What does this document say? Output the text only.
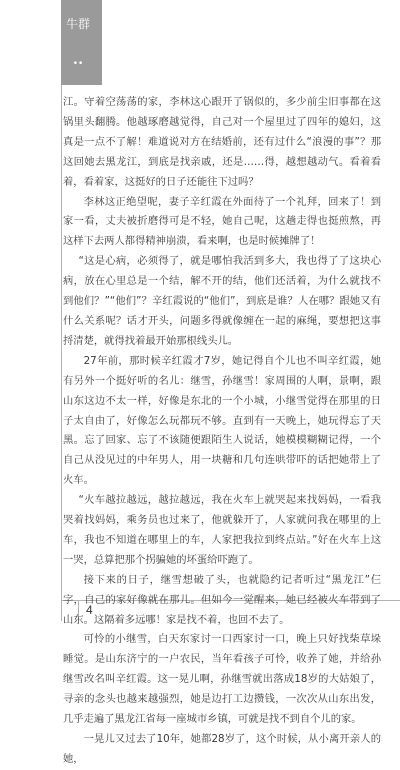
牛群
••

江。守着空荡荡的家，李林这心跟开了锅似的，多少前尘旧事都在这锅里头翻腾。他越琢磨越觉得，自己对一个屋里过了四年的媳妇，这真是一点不了解！难道说对方在结婚前，还有过什么“浪漫的事”？那这回她去黑龙江，到底是找亲戚，还是……得，越想越动气。看着看着，看着家，这挺好的日子还能往下过吗？

李林这正绝望呢，妻子辛红霞在外面待了一个礼拜，回来了！到家一看，丈夫被折磨得可是不轻，她自己呢，这趟走得也挺煎熬，再这样下去两人都得精神崩溃，看来啊，也是时候摊牌了！

“这是心病，必须得了，就是哪怕我活到多大，我也得了了这块心病，放在心里总是一个结，解不开的结，他们还活着，为什么就找不到他们？”“他们”？辛红霞说的“他们”，到底是谁？人在哪？跟她又有什么关系呢？话才开头，问题多得就像缠在一起的麻绳，要想把这事捋清楚，就得找着最开始那根线头儿。

27年前，那时候辛红霞才7岁，她记得自个儿也不叫辛红霞，她有另外一个挺好听的名儿：继雪，孙继雪！家周围的人啊，景啊，跟山东这边不太一样，好像是东北的一个小城，小继雪觉得在那里的日子太自由了，好像怎么玩都玩不够。直到有一天晚上，她玩得忘了天黑。忘了回家、忘了不该随便跟陌生人说话，她模模糊糊记得，一个自己从没见过的中年男人，用一块糖和几句连哄带吓的话把她带上了火车。

“火车越拉越远，越拉越远，我在火车上就哭起来找妈妈，一看我哭着找妈妈，乘务员也过来了，他就躲开了，人家就问我在哪里的上车，我也不知道在哪里上的车，人家把我拉到终点站。”好在火车上这一哭，总算把那个拐骗她的坏蛋给吓跑了。

接下来的日子，继雪想破了头，也就隐约记者听过“黑龙江”仨字，自己的家好像就在那儿。但如今一觉醒来，她已经被火车带到了山东。这隔着多远哪！家是找不着，也回不去了。

可怜的小继雪，白天东家讨一口西家讨一口，晚上只好找柴草垛睡觉。是山东济宁的一户农民，当年看孩子可怜，收养了她，并给孙继雪改名叫辛红霞。这一晃儿啊，孙继雪就出落成18岁的大姑娘了，寻亲的念头也越来越强烈，她是边打工边攒钱，一次次从山东出发，几乎走遍了黑龙江省每一座城市乡镇，可就是找不到自个儿的家。

一晃儿又过去了10年，她都28岁了，这个时候，从小离开亲人的她，

4
